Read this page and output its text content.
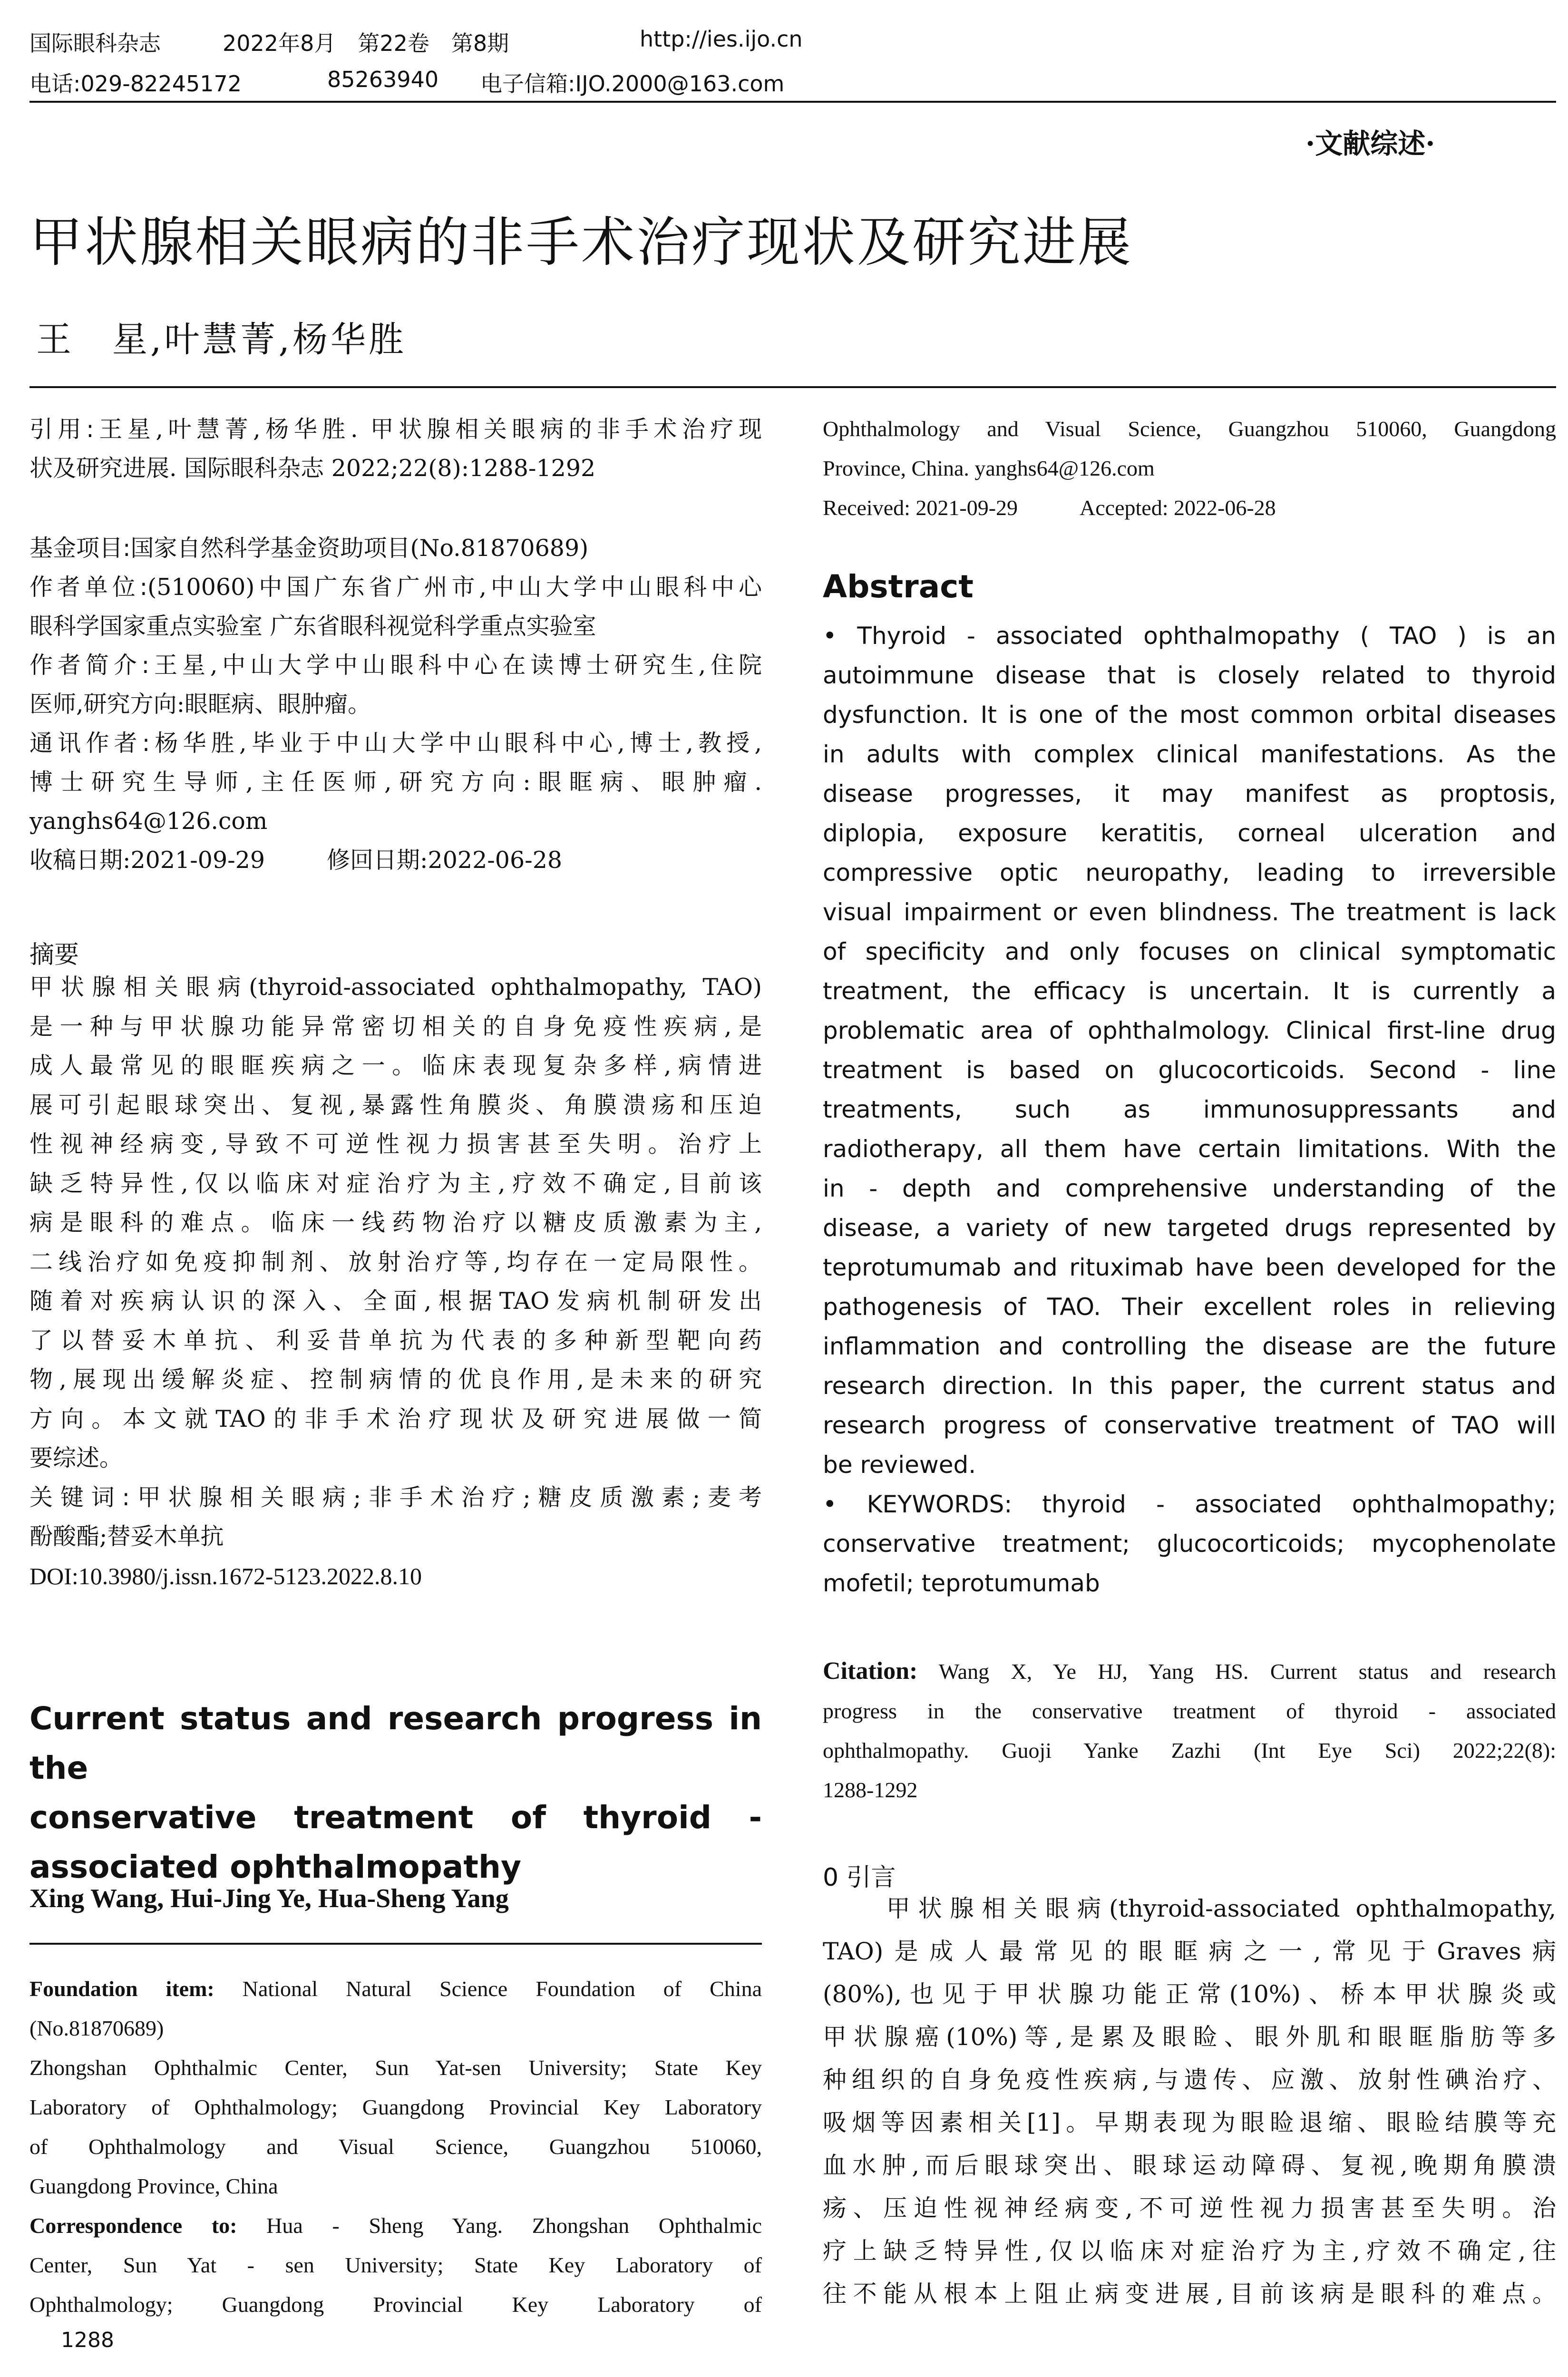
国际眼科杂志	2022年8月　第22卷　第8期	http://ies.ijo.cn
电话:029-82245172	85263940 电子信箱:IJO.2000@163.com
·文献综述·
甲状腺相关眼病的非手术治疗现状及研究进展
王　星,叶慧菁,杨华胜

引用:王星,叶慧菁,杨华胜. 甲状腺相关眼病的非手术治疗现

状及研究进展. 国际眼科杂志 2022;22(8):1288-1292

基金项目:国家自然科学基金资助项目(No.81870689)

作者单位:(510060)中国广东省广州市,中山大学中山眼科中心

眼科学国家重点实验室 广东省眼科视觉科学重点实验室

作者简介:王星,中山大学中山眼科中心在读博士研究生,住院

医师,研究方向:眼眶病、眼肿瘤。

通讯作者:杨华胜,毕业于中山大学中山眼科中心,博士,教授,

博士研究生导师,主任医师,研究方向:眼眶病、眼肿瘤.

yanghs64@126.com

收稿日期:2021-09-29	修回日期:2022-06-28

摘要

甲状腺相关眼病(thyroid-associated ophthalmopathy, TAO)

是一种与甲状腺功能异常密切相关的自身免疫性疾病,是

成人最常见的眼眶疾病之一。临床表现复杂多样,病情进

展可引起眼球突出、复视,暴露性角膜炎、角膜溃疡和压迫

性视神经病变,导致不可逆性视力损害甚至失明。治疗上

缺乏特异性,仅以临床对症治疗为主,疗效不确定,目前该

病是眼科的难点。临床一线药物治疗以糖皮质激素为主,

二线治疗如免疫抑制剂、放射治疗等,均存在一定局限性。

随着对疾病认识的深入、全面,根据TAO发病机制研发出

了以替妥木单抗、利妥昔单抗为代表的多种新型靶向药

物,展现出缓解炎症、控制病情的优良作用,是未来的研究

方向。本文就TAO的非手术治疗现状及研究进展做一简

要综述。

关键词:甲状腺相关眼病;非手术治疗;糖皮质激素;麦考

酚酸酯;替妥木单抗

DOI:10.3980/j.issn.1672-5123.2022.8.10

Current status and research progress in the
conservative treatment of thyroid -
associated ophthalmopathy
Xing Wang, Hui-Jing Ye, Hua-Sheng Yang

Foundation item: National Natural Science Foundation of China

(No.81870689)

Zhongshan Ophthalmic Center, Sun Yat-sen University; State Key

Laboratory of Ophthalmology; Guangdong Provincial Key Laboratory

of Ophthalmology and Visual Science, Guangzhou 510060,

Guangdong Province, China

Correspondence to: Hua - Sheng Yang. Zhongshan Ophthalmic

Center, Sun Yat - sen University; State Key Laboratory of

Ophthalmology; Guangdong Provincial Key Laboratory of

Ophthalmology and Visual Science, Guangzhou 510060, Guangdong

Province, China. yanghs64@126.com

Received: 2021-09-29	Accepted: 2022-06-28

Abstract

• Thyroid - associated ophthalmopathy ( TAO ) is an

autoimmune disease that is closely related to thyroid

dysfunction. It is one of the most common orbital diseases

in adults with complex clinical manifestations. As the

disease progresses, it may manifest as proptosis,

diplopia, exposure keratitis, corneal ulceration and

compressive optic neuropathy, leading to irreversible

visual impairment or even blindness. The treatment is lack

of specificity and only focuses on clinical symptomatic

treatment, the efficacy is uncertain. It is currently a

problematic area of ophthalmology. Clinical first-line drug

treatment is based on glucocorticoids. Second - line

treatments, such as immunosuppressants and

radiotherapy, all them have certain limitations. With the

in - depth and comprehensive understanding of the

disease, a variety of new targeted drugs represented by

teprotumumab and rituximab have been developed for the

pathogenesis of TAO. Their excellent roles in relieving

inflammation and controlling the disease are the future

research direction. In this paper, the current status and

research progress of conservative treatment of TAO will

be reviewed.

• KEYWORDS: thyroid - associated ophthalmopathy;

conservative treatment; glucocorticoids; mycophenolate

mofetil; teprotumumab

Citation: Wang X, Ye HJ, Yang HS. Current status and research

progress in the conservative treatment of thyroid - associated

ophthalmopathy. Guoji Yanke Zazhi (Int Eye Sci) 2022;22(8):

1288-1292

0 引言

　　甲状腺相关眼病(thyroid-associated ophthalmopathy,

TAO)是成人最常见的眼眶病之一,常见于Graves病

(80%),也见于甲状腺功能正常(10%)、桥本甲状腺炎或

甲状腺癌(10%)等,是累及眼睑、眼外肌和眼眶脂肪等多

种组织的自身免疫性疾病,与遗传、应激、放射性碘治疗、

吸烟等因素相关[1]。早期表现为眼睑退缩、眼睑结膜等充

血水肿,而后眼球突出、眼球运动障碍、复视,晚期角膜溃

疡、压迫性视神经病变,不可逆性视力损害甚至失明。治

疗上缺乏特异性,仅以临床对症治疗为主,疗效不确定,往

往不能从根本上阻止病变进展,目前该病是眼科的难点。

1288
